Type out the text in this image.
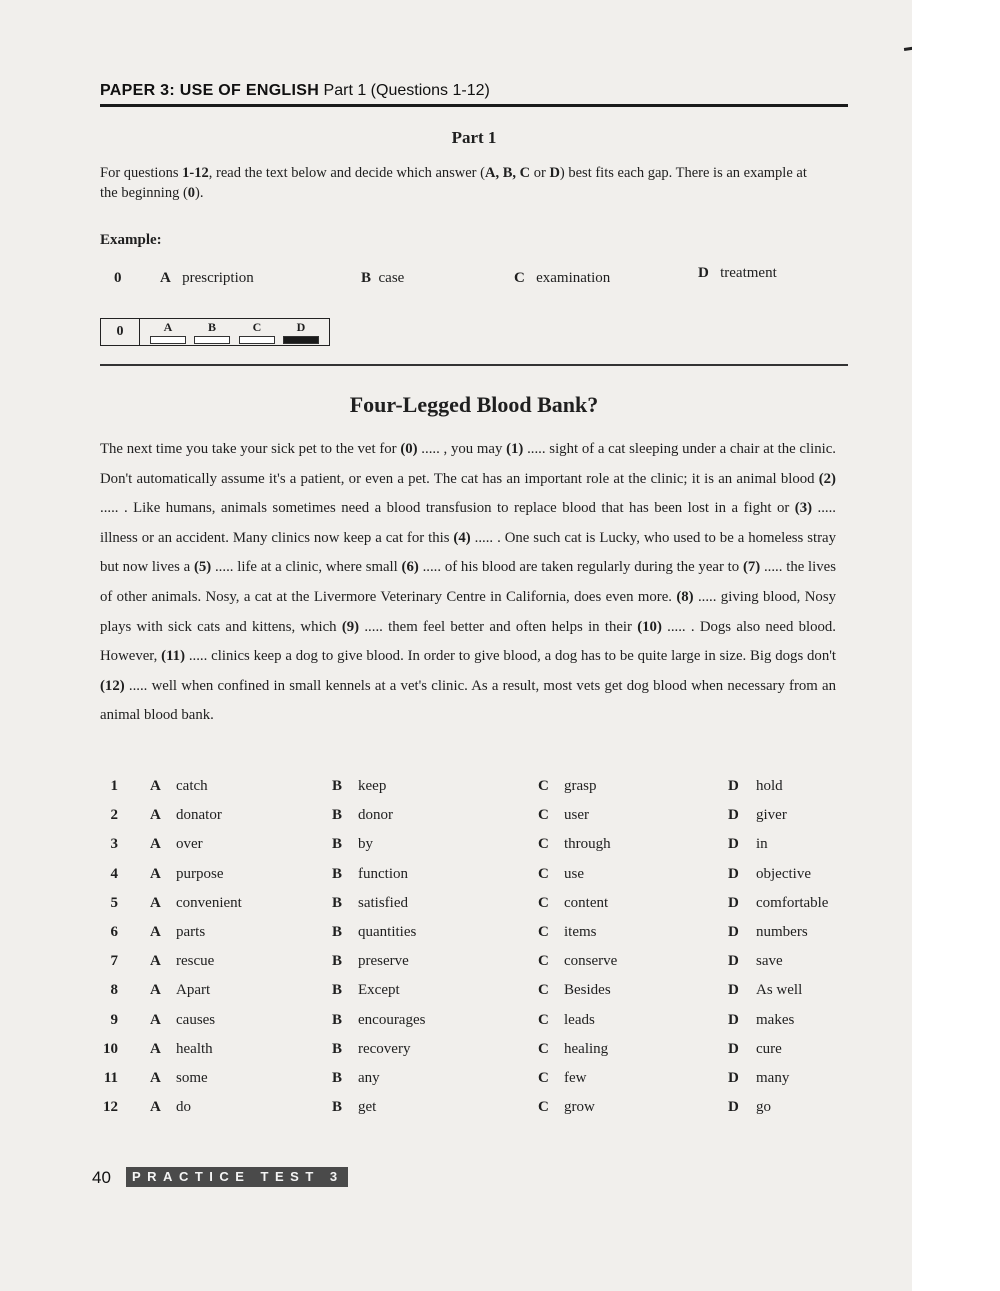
PAPER 3: USE OF ENGLISH Part 1 (Questions 1-12)
Part 1
For questions 1-12, read the text below and decide which answer (A, B, C or D) best fits each gap. There is an example at the beginning (0).
Example:
0	A prescription	B case	C examination	D treatment
0	A	B	C	D
Four-Legged Blood Bank?
The next time you take your sick pet to the vet for (0) ..... , you may (1) ..... sight of a cat sleeping under a chair at the clinic. Don't automatically assume it's a patient, or even a pet. The cat has an important role at the clinic; it is an animal blood (2) ..... . Like humans, animals sometimes need a blood transfusion to replace blood that has been lost in a fight or (3) ..... illness or an accident. Many clinics now keep a cat for this (4) ..... . One such cat is Lucky, who used to be a homeless stray but now lives a (5) ..... life at a clinic, where small (6) ..... of his blood are taken regularly during the year to (7) ..... the lives of other animals. Nosy, a cat at the Livermore Veterinary Centre in California, does even more. (8) ..... giving blood, Nosy plays with sick cats and kittens, which (9) ..... them feel better and often helps in their (10) ..... . Dogs also need blood. However, (11) ..... clinics keep a dog to give blood. In order to give blood, a dog has to be quite large in size. Big dogs don't (12) ..... well when confined in small kennels at a vet's clinic. As a result, most vets get dog blood when necessary from an animal blood bank.
1 A catch	B keep	C grasp	D hold
2 A donator	B donor	C user	D giver
3 A over	B by	C through	D in
4 A purpose	B function	C use	D objective
5 A convenient	B satisfied	C content	D comfortable
6 A parts	B quantities	C items	D numbers
7 A rescue	B preserve	C conserve	D save
8 A Apart	B Except	C Besides	D As well
9 A causes	B encourages	C leads	D makes
10 A health	B recovery	C healing	D cure
11 A some	B any	C few	D many
12 A do	B get	C grow	D go
40	PRACTICE TEST 3
